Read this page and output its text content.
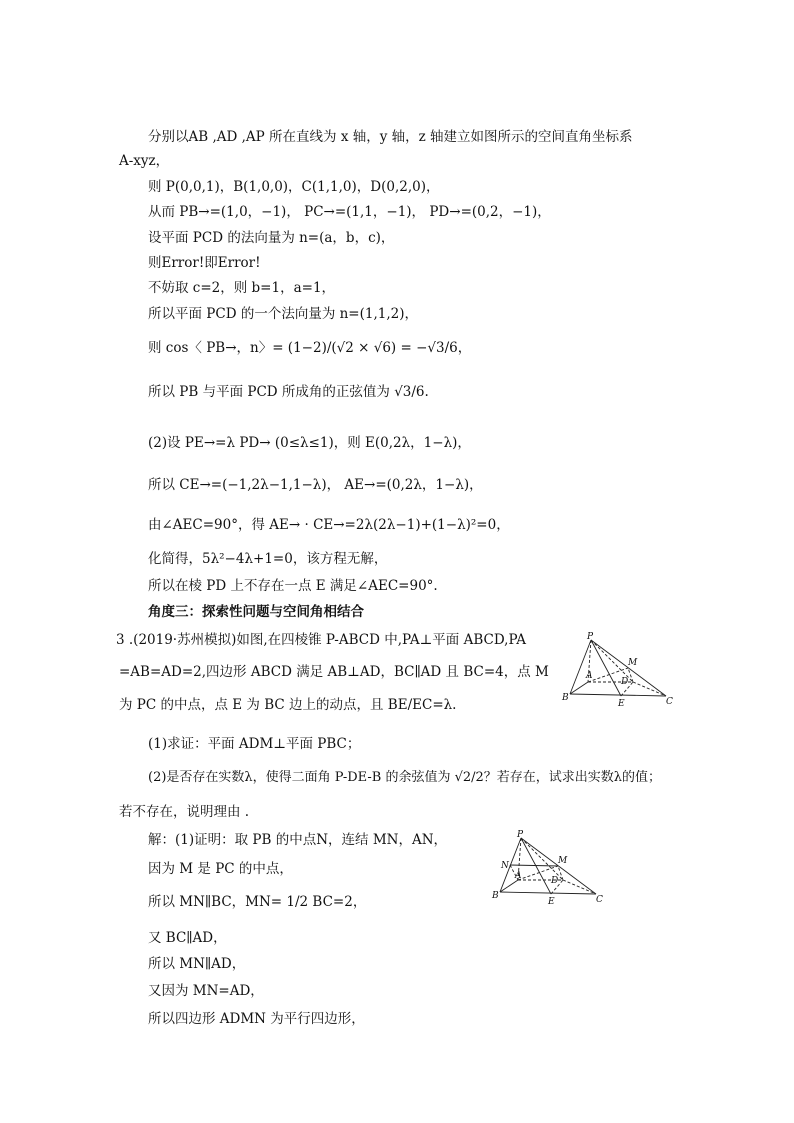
分别以AB ,AD ,AP 所在直线为 x 轴，y 轴，z 轴建立如图所示的空间直角坐标系
A-xyz，
则 P(0,0,1)，B(1,0,0)，C(1,1,0)，D(0,2,0)，
从而 PB→=(1,0，−1)， PC→=(1,1，−1)， PD→=(0,2，−1)，
设平面 PCD 的法向量为 n=(a，b，c)，
则Error!即Error!
不妨取 c=2，则 b=1，a=1，
所以平面 PCD 的一个法向量为 n=(1,1,2)，
则 cos〈 PB→，n〉= (1−2)/(√2 × √6) = −√3/6，
所以 PB 与平面 PCD 所成角的正弦值为 √3/6.
(2)设 PE→=λ PD→ (0≤λ≤1)，则 E(0,2λ，1−λ)，
所以 CE→=(−1,2λ−1,1−λ)， AE→=(0,2λ，1−λ)，
由∠AEC=90°，得 AE→ · CE→=2λ(2λ−1)+(1−λ)²=0，
化简得，5λ²−4λ+1=0，该方程无解，
所以在棱 PD 上不存在一点 E 满足∠AEC=90°.
角度三：探索性问题与空间角相结合
3 .(2019·苏州模拟)如图,在四棱锥 P-ABCD 中,PA⊥平面 ABCD,PA
=AB=AD=2,四边形 ABCD 满足 AB⊥AD，BC∥AD 且 BC=4，点 M
为 PC 的中点，点 E 为 BC 边上的动点，且 BE/EC=λ.
(1)求证：平面 ADM⊥平面 PBC；
(2)是否存在实数λ，使得二面角 P-DE-B 的余弦值为 √2/2？若存在，试求出实数λ的值；
若不存在，说明理由 .
解：(1)证明：取 PB 的中点N，连结 MN，AN，
因为 M 是 PC 的中点，
所以 MN∥BC，MN= 1/2 BC=2，
又 BC∥AD，
所以 MN∥AD，
又因为 MN=AD，
所以四边形 ADMN 为平行四边形，
P
M
A
D
B
E	C
P
M
N
A	D
B
E	C
